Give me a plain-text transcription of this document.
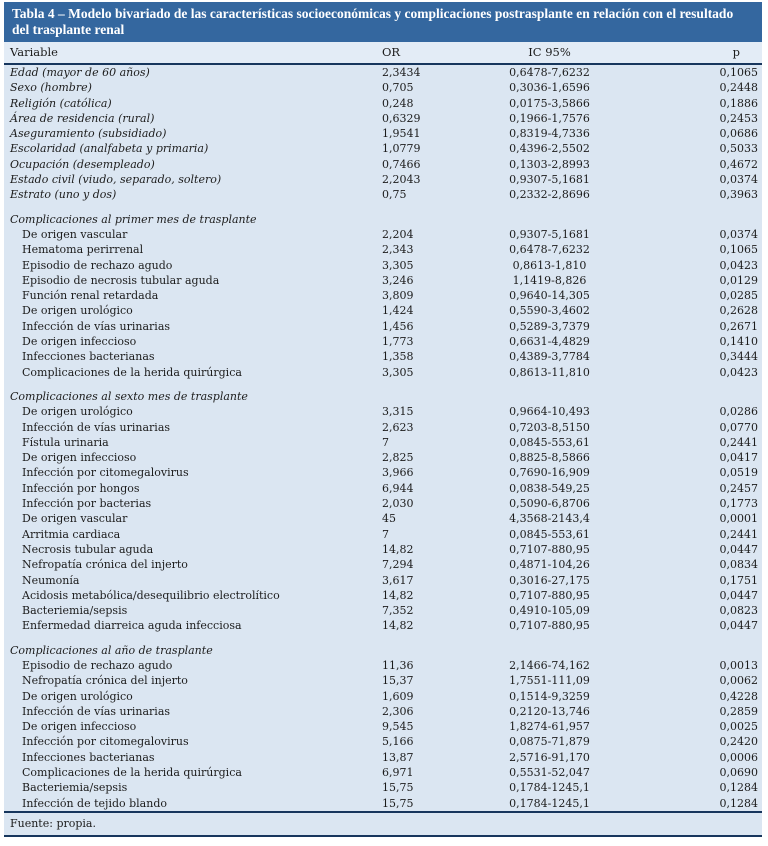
Tabla 4 – Modelo bivariado de las características socioeconómicas y complicaciones postrasplante en relación con el resultado del trasplante renal
Variable	OR	IC 95%	p
Edad (mayor de 60 años)	2,3434	0,6478-7,6232	0,1065
Sexo (hombre)	0,705	0,3036-1,6596	0,2448
Religión (católica)	0,248	0,0175-3,5866	0,1886
Área de residencia (rural)	0,6329	0,1966-1,7576	0,2453
Aseguramiento (subsidiado)	1,9541	0,8319-4,7336	0,0686
Escolaridad (analfabeta y primaria)	1,0779	0,4396-2,5502	0,5033
Ocupación (desempleado)	0,7466	0,1303-2,8993	0,4672
Estado civil (viudo, separado, soltero)	2,2043	0,9307-5,1681	0,0374
Estrato (uno y dos)	0,75	0,2332-2,8696	0,3963

Complicaciones al primer mes de trasplante			
De origen vascular	2,204	0,9307-5,1681	0,0374
Hematoma perirrenal	2,343	0,6478-7,6232	0,1065
Episodio de rechazo agudo	3,305	0,8613-1,810	0,0423
Episodio de necrosis tubular aguda	3,246	1,1419-8,826	0,0129
Función renal retardada	3,809	0,9640-14,305	0,0285
De origen urológico	1,424	0,5590-3,4602	0,2628
Infección de vías urinarias	1,456	0,5289-3,7379	0,2671
De origen infeccioso	1,773	0,6631-4,4829	0,1410
Infecciones bacterianas	1,358	0,4389-3,7784	0,3444
Complicaciones de la herida quirúrgica	3,305	0,8613-11,810	0,0423

Complicaciones al sexto mes de trasplante			
De origen urológico	3,315	0,9664-10,493	0,0286
Infección de vías urinarias	2,623	0,7203-8,5150	0,0770
Fístula urinaria	7	0,0845-553,61	0,2441
De origen infeccioso	2,825	0,8825-8,5866	0,0417
Infección por citomegalovirus	3,966	0,7690-16,909	0,0519
Infección por hongos	6,944	0,0838-549,25	0,2457
Infección por bacterias	2,030	0,5090-6,8706	0,1773
De origen vascular	45	4,3568-2143,4	0,0001
Arritmia cardiaca	7	0,0845-553,61	0,2441
Necrosis tubular aguda	14,82	0,7107-880,95	0,0447
Nefropatía crónica del injerto	7,294	0,4871-104,26	0,0834
Neumonía	3,617	0,3016-27,175	0,1751
Acidosis metabólica/desequilibrio electrolítico	14,82	0,7107-880,95	0,0447
Bacteriemia/sepsis	7,352	0,4910-105,09	0,0823
Enfermedad diarreica aguda infecciosa	14,82	0,7107-880,95	0,0447

Complicaciones al año de trasplante			
Episodio de rechazo agudo	11,36	2,1466-74,162	0,0013
Nefropatía crónica del injerto	15,37	1,7551-111,09	0,0062
De origen urológico	1,609	0,1514-9,3259	0,4228
Infección de vías urinarias	2,306	0,2120-13,746	0,2859
De origen infeccioso	9,545	1,8274-61,957	0,0025
Infección por citomegalovirus	5,166	0,0875-71,879	0,2420
Infecciones bacterianas	13,87	2,5716-91,170	0,0006
Complicaciones de la herida quirúrgica	6,971	0,5531-52,047	0,0690
Bacteriemia/sepsis	15,75	0,1784-1245,1	0,1284
Infección de tejido blando	15,75	0,1784-1245,1	0,1284
Fuente: propia.
